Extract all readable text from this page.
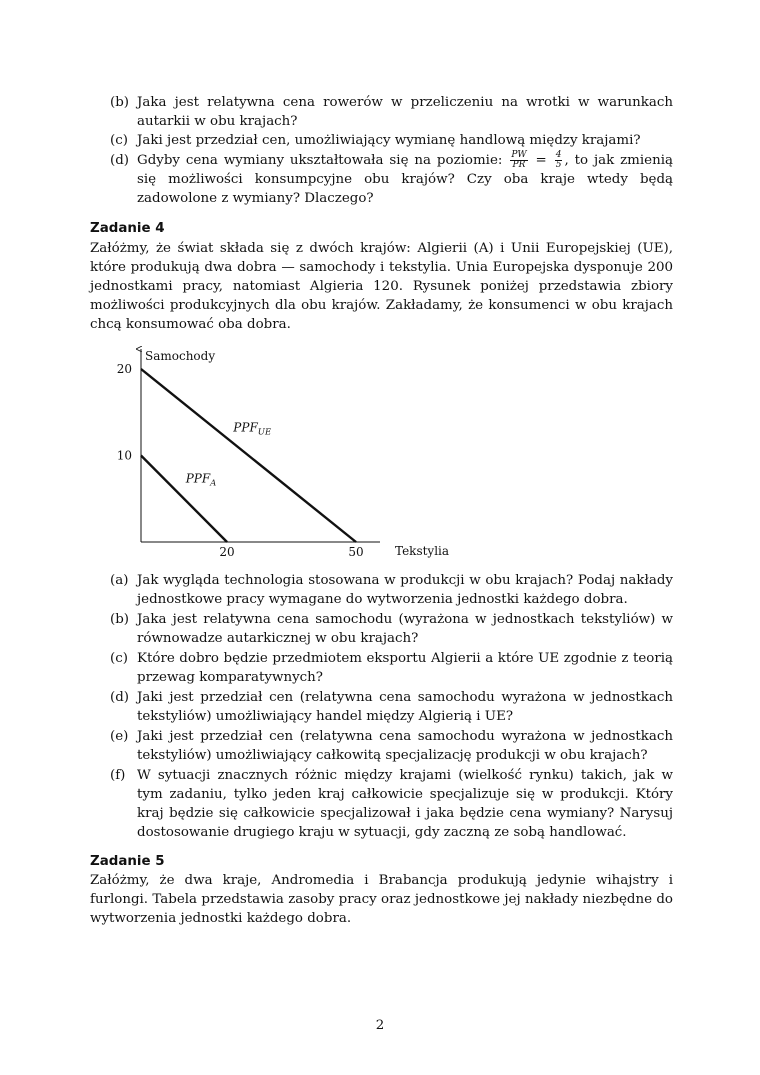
(b) Jaka jest relatywna cena rowerów w przeliczeniu na wrotki w warunkach autarkii w obu krajach?

(c) Jaki jest przedział cen, umożliwiający wymianę handlową między krajami?

(d) Gdyby cena wymiany ukształtowała się na poziomie: $\frac{PW}{PR} = \frac{4}{5}$ , to jak zmienią się możliwości konsumpcyjne obu krajów? Czy oba kraje wtedy będą zadowolone z wymiany? Dlaczego?

Zadanie 4

Załóżmy, że świat składa się z dwóch krajów: Algierii (A) i Unii Europejskiej (UE), które produkują dwa dobra — samochody i tekstylia. Unia Europejska dysponuje 200 jednostkami pracy, natomiast Algieria 120. Rysunek poniżej przedstawia zbiory możliwości produkcyjnych dla obu krajów. Zakładamy, że konsumenci w obu krajach chcą konsumować oba dobra.

Samochody
Tekstylia
20	50
10
20
$PPF_A$
$PPF_{UE}$
(a) Jak wygląda technologia stosowana w produkcji w obu krajach? Podaj nakłady jednostkowe pracy wymagane do wytworzenia jednostki każdego dobra.

(b) Jaka jest relatywna cena samochodu (wyrażona w jednostkach tekstyliów) w równowadze autarkicznej w obu krajach?

(c) Które dobro będzie przedmiotem eksportu Algierii a które UE zgodnie z teorią przewag komparatywnych?

(d) Jaki jest przedział cen (relatywna cena samochodu wyrażona w jednostkach tekstyliów) umożliwiający handel między Algierią i UE?

(e) Jaki jest przedział cen (relatywna cena samochodu wyrażona w jednostkach tekstyliów) umożliwiający całkowitą specjalizację produkcji w obu krajach?

(f) W sytuacji znacznych różnic między krajami (wielkość rynku) takich, jak w tym zadaniu, tylko jeden kraj całkowicie specjalizuje się w produkcji. Który kraj będzie się całkowicie specjalizował i jaka będzie cena wymiany? Narysuj dostosowanie drugiego kraju w sytuacji, gdy zaczną ze sobą handlować.

Zadanie 5

Załóżmy, że dwa kraje, Andromedia i Brabancja produkują jedynie wihajstry i furlongi. Tabela przedstawia zasoby pracy oraz jednostkowe jej nakłady niezbędne do wytworzenia jednostki każdego dobra.

2
